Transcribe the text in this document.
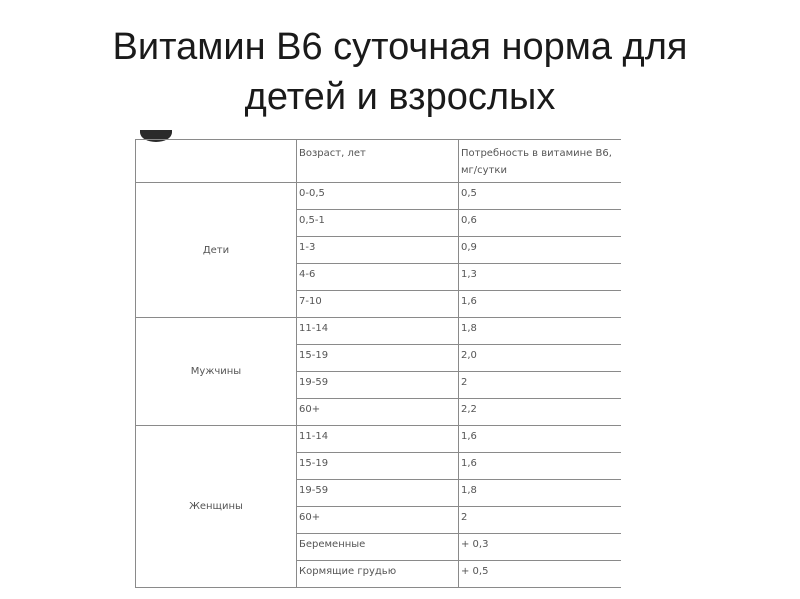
Витамин В6 суточная норма для
детей и взрослых
	Возраст, лет	Потребность в витамине В6, мг/сутки
Дети	0-0,5	0,5
	0,5-1	0,6
	1-3	0,9
	4-6	1,3
	7-10	1,6
Мужчины	11-14	1,8
	15-19	2,0
	19-59	2
	60+	2,2
Женщины	11-14	1,6
	15-19	1,6
	19-59	1,8
	60+	2
	Беременные	+ 0,3
	Кормящие грудью	+ 0,5
